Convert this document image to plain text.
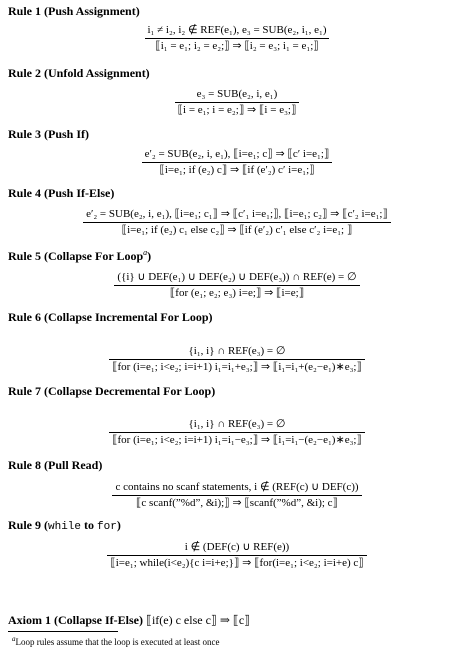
Rule 1 (Push Assignment)
$\frac{\text{i₁ ≠ i₂, i₂ ∉ REF(e₁), e₃ = SUB(e₂, i₁, e₁)}}{\text{⟦i₁ = e₁; i₂ = e₂;⟧ ⇒ ⟦i₂ = e₃; i₁ = e₁;⟧}}$
Rule 2 (Unfold Assignment)
$\frac{\text{e₃ = SUB(e₂, i, e₁)}}{\text{⟦i = e₁; i = e₂;⟧ ⇒ ⟦i = e₃;⟧}}$
Rule 3 (Push If)
$\frac{\text{e′₂ = SUB(e₂, i, e₁), ⟦i=e₁; c⟧ ⇒ ⟦c′ i=e₁;⟧}}{\text{⟦i=e₁; if (e₂) c⟧ ⇒ ⟦if (e′₂) c′ i=e₁;⟧}}$
Rule 4 (Push If-Else)
e′₂ = SUB(e₂, i, e₁), ⟦i=e₁; c₁⟧ ⇒ ⟦c′₁ i=e₁;⟧, ⟦i=e₁; c₂⟧ ⇒ ⟦c′₂ i=e₁;⟧
⟦i=e₁; if (e₂) c₁ else c₂⟧ ⇒ ⟦if (e′₂) c′₁ else c′₂ i=e₁; ⟧
Rule 5 (Collapse For Loop$^a$)
$\frac{\text{(\{i\} ∪ DEF(e₁) ∪ DEF(e₂) ∪ DEF(e₃)) ∩ REF(e) = ∅}}{\text{⟦for (e₁; e₂; e₃) i=e;⟧ ⇒ ⟦i=e;⟧}}$
Rule 6 (Collapse Incremental For Loop)
{i₁, i} ∩ REF(e₃) = ∅
⟦for (i=e₁; i<e₂; i=i+1) i₁=i₁+e₃;⟧ ⇒ ⟦i₁=i₁+(e₂−e₁)∗e₃;⟧
Rule 7 (Collapse Decremental For Loop)
{i₁, i} ∩ REF(e₃) = ∅
⟦for (i=e₁; i<e₂; i=i+1) i₁=i₁−e₃;⟧ ⇒ ⟦i₁=i₁−(e₂−e₁)∗e₃;⟧
Rule 8 (Pull Read)
$\frac{\text{c contains no scanf statements, i ∉ (REF(c) ∪ DEF(c))}}{\text{⟦c scanf(”\%d”, \&i);⟧ ⇒ ⟦scanf(”\%d”, \&i); c⟧}}$
Rule 9 (while to for)
i ∉ (DEF(c) ∪ REF(e))
⟦i=e₁; while(i<e₂){c i=i+e;}⟧ ⇒ ⟦for(i=e₁; i<e₂; i=i+e) c⟧
Axiom 1 (Collapse If-Else) ⟦if(e) c else c⟧ ⇒ ⟦c⟧
$^a$Loop rules assume that the loop is executed at least once
